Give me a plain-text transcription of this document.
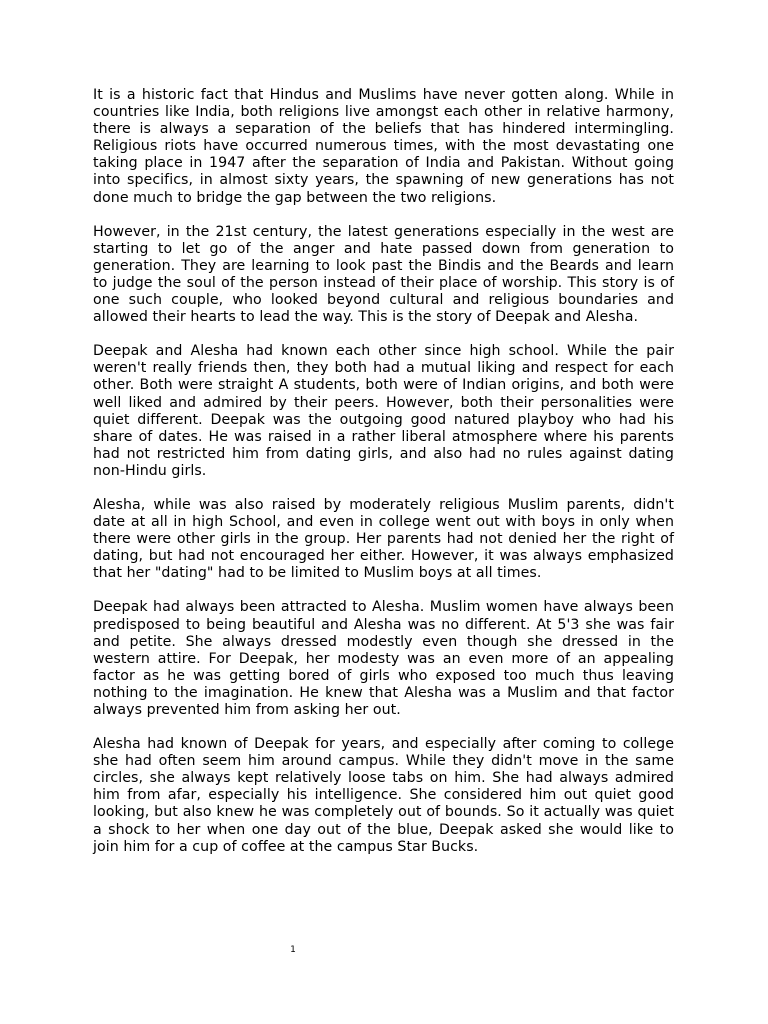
It is a historic fact that Hindus and Muslims have never gotten along. While in countries like India, both religions live amongst each other in relative harmony, there is always a separation of the beliefs that has hindered intermingling. Religious riots have occurred numerous times, with the most devastating one taking place in 1947 after the separation of India and Pakistan. Without going into specifics, in almost sixty years, the spawning of new generations has not done much to bridge the gap between the two religions.

However, in the 21st century, the latest generations especially in the west are starting to let go of the anger and hate passed down from generation to generation. They are learning to look past the Bindis and the Beards and learn to judge the soul of the person instead of their place of worship. This story is of one such couple, who looked beyond cultural and religious boundaries and allowed their hearts to lead the way. This is the story of Deepak and Alesha.

Deepak and Alesha had known each other since high school. While the pair weren't really friends then, they both had a mutual liking and respect for each other. Both were straight A students, both were of Indian origins, and both were well liked and admired by their peers. However, both their personalities were quiet different. Deepak was the outgoing good natured playboy who had his share of dates. He was raised in a rather liberal atmosphere where his parents had not restricted him from dating girls, and also had no rules against dating non-Hindu girls.

Alesha, while was also raised by moderately religious Muslim parents, didn't date at all in high School, and even in college went out with boys in only when there were other girls in the group. Her parents had not denied her the right of dating, but had not encouraged her either. However, it was always emphasized that her "dating" had to be limited to Muslim boys at all times.

Deepak had always been attracted to Alesha. Muslim women have always been predisposed to being beautiful and Alesha was no different. At 5'3 she was fair and petite. She always dressed modestly even though she dressed in the western attire. For Deepak, her modesty was an even more of an appealing factor as he was getting bored of girls who exposed too much thus leaving nothing to the imagination. He knew that Alesha was a Muslim and that factor always prevented him from asking her out.

Alesha had known of Deepak for years, and especially after coming to college she had often seem him around campus. While they didn't move in the same circles, she always kept relatively loose tabs on him. She had always admired him from afar, especially his intelligence. She considered him out quiet good looking, but also knew he was completely out of bounds. So it actually was quiet a shock to her when one day out of the blue, Deepak asked she would like to join him for a cup of coffee at the campus Star Bucks.

1
